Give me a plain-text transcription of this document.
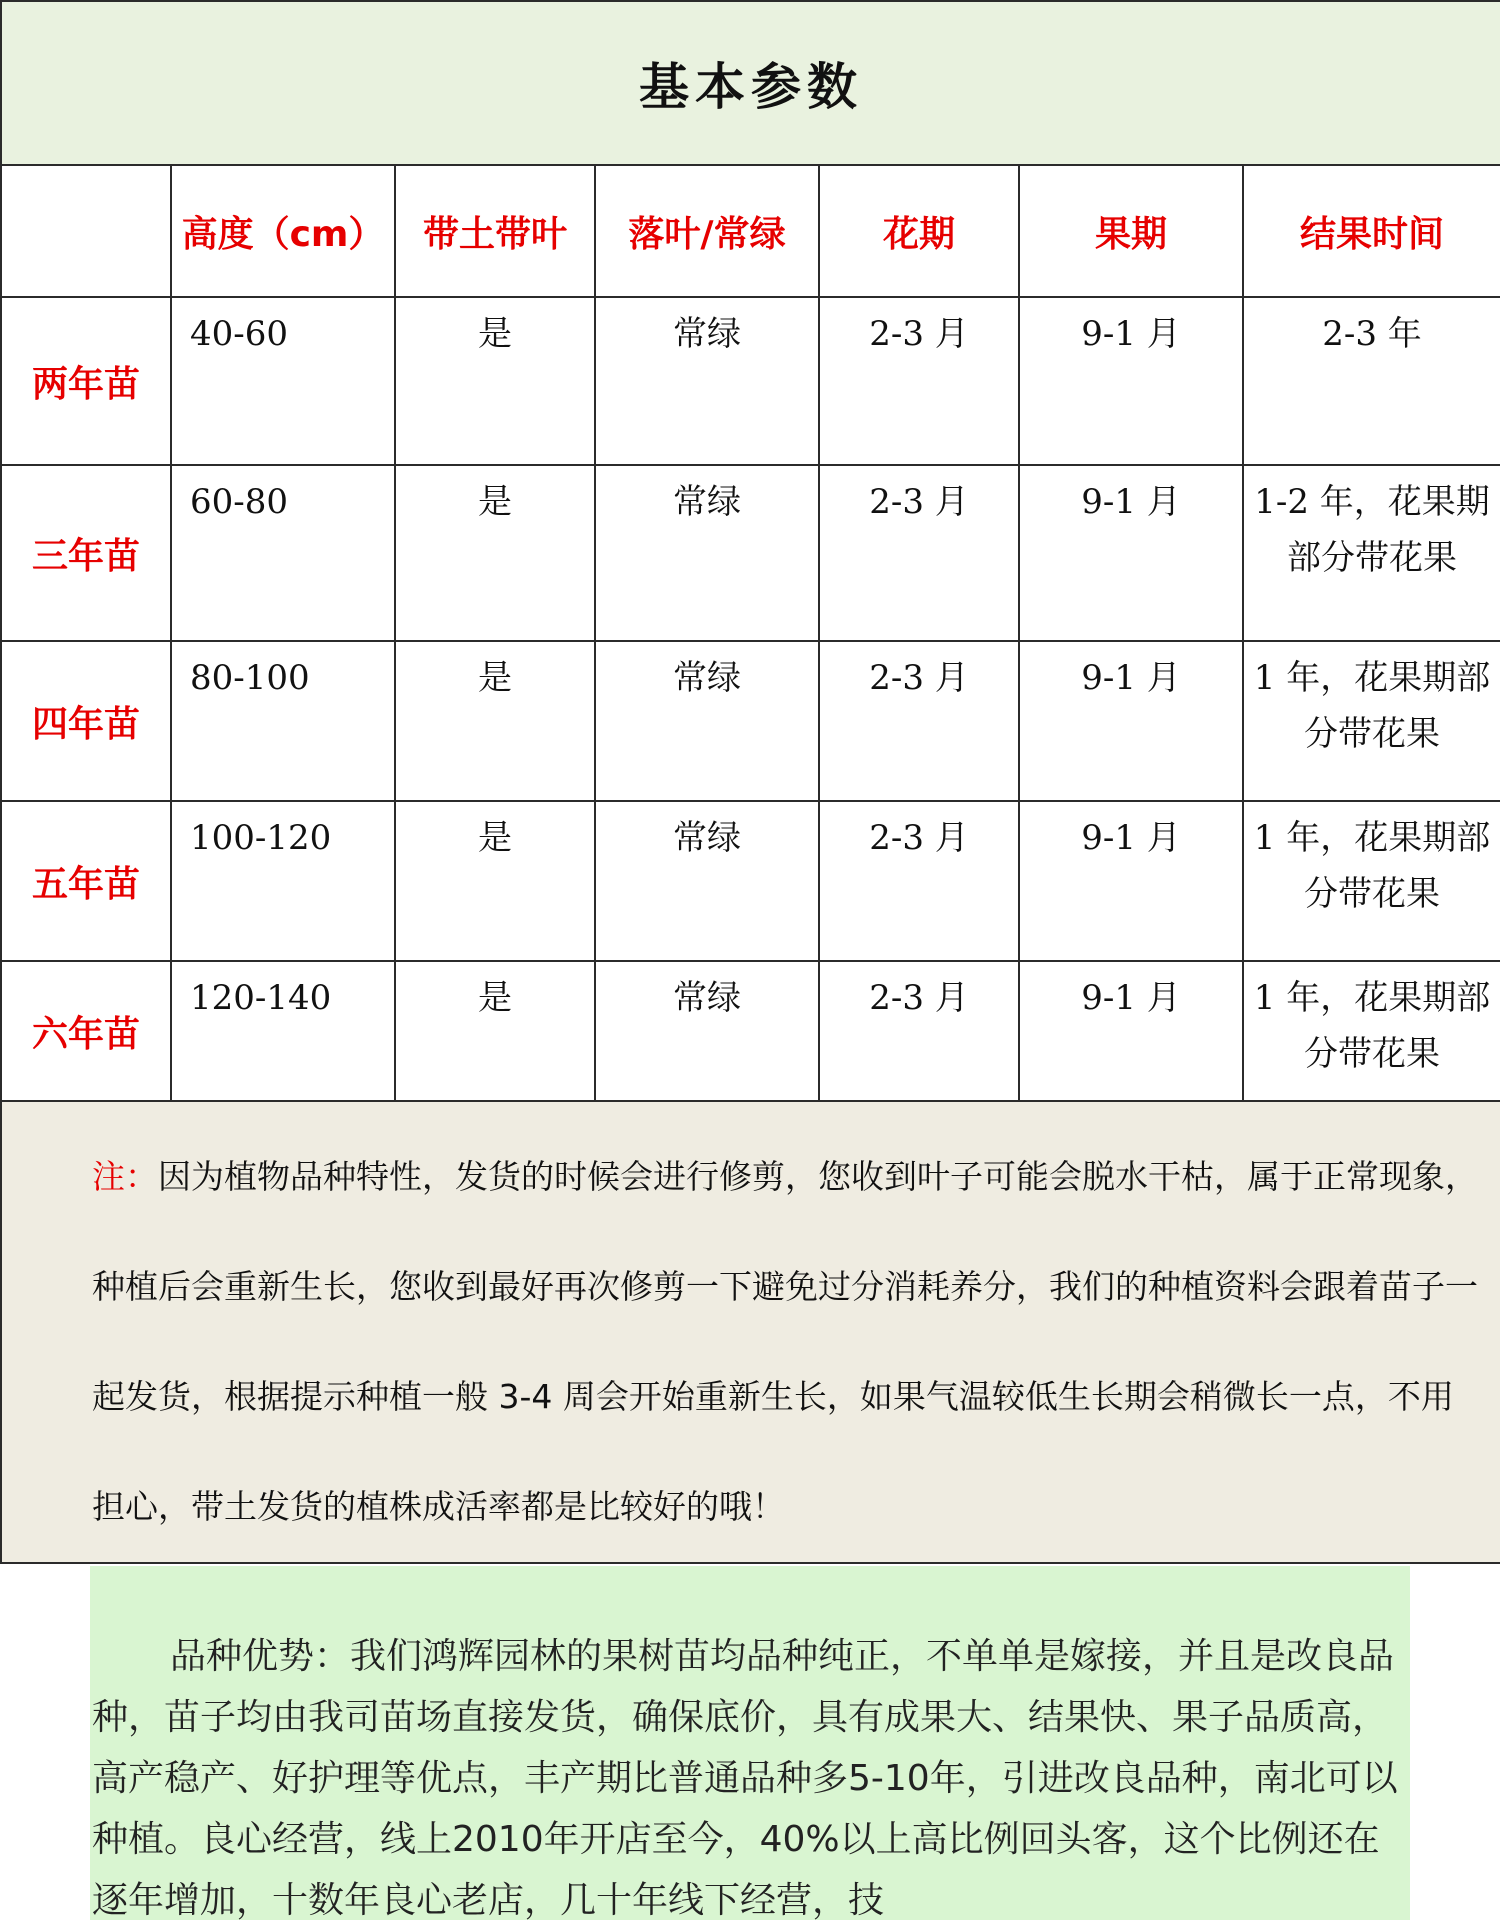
基本参数						
	高度（cm）	带土带叶	落叶/常绿	花期	果期	结果时间
两年苗	40-60	是	常绿	2-3 月	9-1 月	2-3 年
三年苗	60-80	是	常绿	2-3 月	9-1 月	1-2 年，花果期部分带花果
四年苗	80-100	是	常绿	2-3 月	9-1 月	1 年，花果期部分带花果
五年苗	100-120	是	常绿	2-3 月	9-1 月	1 年，花果期部分带花果
六年苗	120-140	是	常绿	2-3 月	9-1 月	1 年，花果期部分带花果

注：因为植物品种特性，发货的时候会进行修剪，您收到叶子可能会脱水干枯，属于正常现象，种植后会重新生长，您收到最好再次修剪一下避免过分消耗养分，我们的种植资料会跟着苗子一起发货，根据提示种植一般 3-4 周会开始重新生长，如果气温较低生长期会稍微长一点，不用担心，带土发货的植株成活率都是比较好的哦！						

品种优势：我们鸿辉园林的果树苗均品种纯正，不单单是嫁接，并且是改良品种，苗子均由我司苗场直接发货，确保底价，具有成果大、结果快、果子品质高，高产稳产、好护理等优点，丰产期比普通品种多5-10年，引进改良品种，南北可以种植。良心经营，线上2010年开店至今，40%以上高比例回头客，这个比例还在逐年增加，十数年良心老店，几十年线下经营，技
